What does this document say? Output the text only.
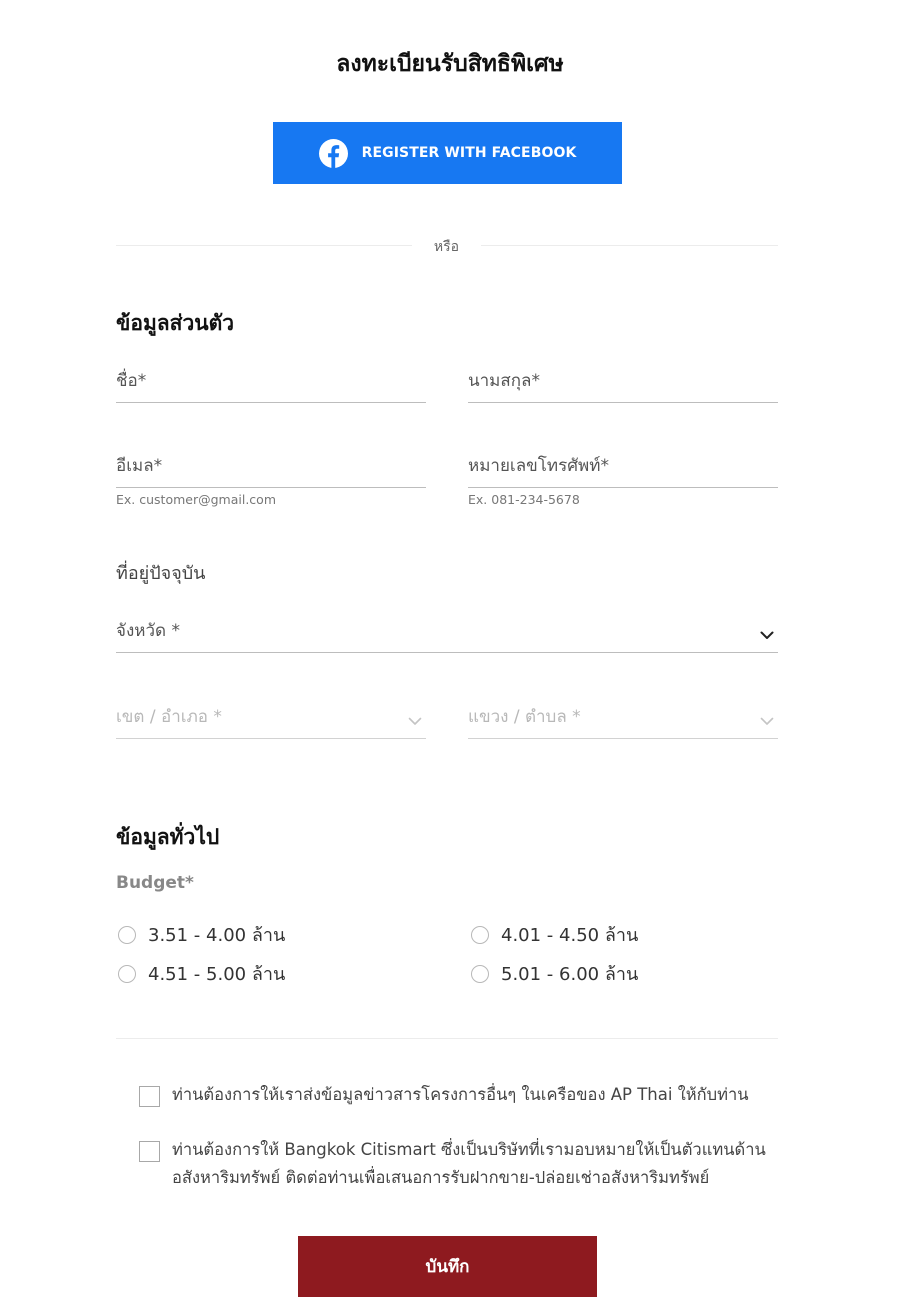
ลงทะเบียนรับสิทธิพิเศษ
REGISTER WITH FACEBOOK
หรือ
ข้อมูลส่วนตัว
ชื่อ*	นามสกุล*
อีเมล*
Ex. customer@gmail.com
หมายเลขโทรศัพท์*
Ex. 081-234-5678
ที่อยู่ปัจจุบัน
จังหวัด *
เขต / อำเภอ *	แขวง / ตำบล *
ข้อมูลทั่วไป
Budget*
3.51 - 4.00 ล้าน	4.01 - 4.50 ล้าน
4.51 - 5.00 ล้าน	5.01 - 6.00 ล้าน
ท่านต้องการให้เราส่งข้อมูลข่าวสารโครงการอื่นๆ ในเครือของ AP Thai ให้กับท่าน
ท่านต้องการให้ Bangkok Citismart ซึ่งเป็นบริษัทที่เรามอบหมายให้เป็นตัวแทนด้าน
อสังหาริมทรัพย์ ติดต่อท่านเพื่อเสนอการรับฝากขาย-ปล่อยเช่าอสังหาริมทรัพย์
บันทึก
